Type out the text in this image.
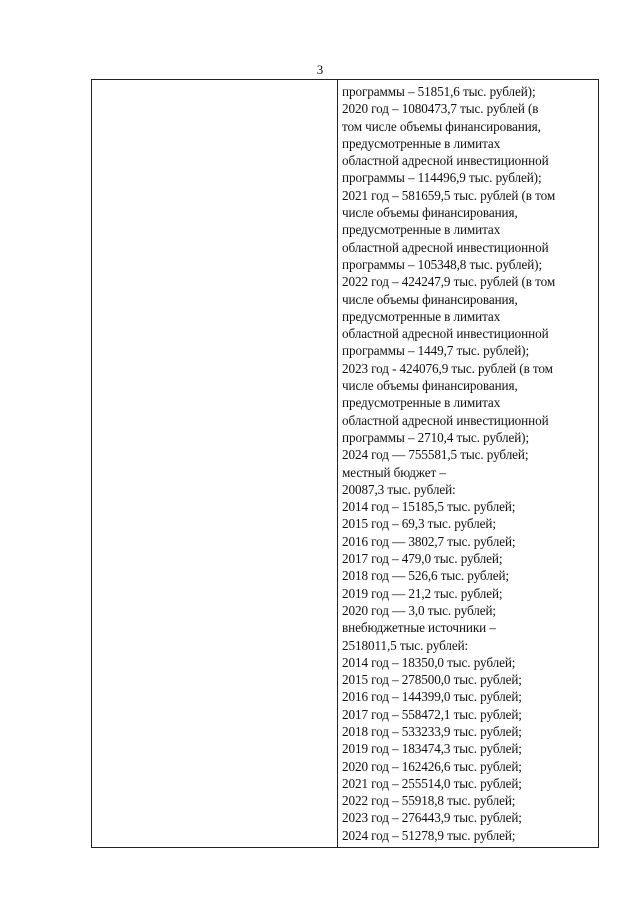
3
программы – 51851,6 тыс. рублей);
2020 год – 1080473,7 тыс. рублей (в
том числе объемы финансирования,
предусмотренные в лимитах
областной адресной инвестиционной
программы – 114496,9 тыс. рублей);
2021 год – 581659,5 тыс. рублей (в том
числе объемы финансирования,
предусмотренные в лимитах
областной адресной инвестиционной
программы – 105348,8 тыс. рублей);
2022 год – 424247,9 тыс. рублей (в том
числе объемы финансирования,
предусмотренные в лимитах
областной адресной инвестиционной
программы – 1449,7 тыс. рублей);
2023 год - 424076,9 тыс. рублей (в том
числе объемы финансирования,
предусмотренные в лимитах
областной адресной инвестиционной
программы – 2710,4 тыс. рублей);
2024 год — 755581,5 тыс. рублей;
местный бюджет –
20087,3 тыс. рублей:
2014 год – 15185,5 тыс. рублей;
2015 год – 69,3 тыс. рублей;
2016 год — 3802,7 тыс. рублей;
2017 год – 479,0 тыс. рублей;
2018 год — 526,6 тыс. рублей;
2019 год — 21,2 тыс. рублей;
2020 год — 3,0 тыс. рублей;
внебюджетные источники –
2518011,5 тыс. рублей:
2014 год – 18350,0 тыс. рублей;
2015 год – 278500,0 тыс. рублей;
2016 год – 144399,0 тыс. рублей;
2017 год – 558472,1 тыс. рублей;
2018 год – 533233,9 тыс. рублей;
2019 год – 183474,3 тыс. рублей;
2020 год – 162426,6 тыс. рублей;
2021 год – 255514,0 тыс. рублей;
2022 год – 55918,8 тыс. рублей;
2023 год – 276443,9 тыс. рублей;
2024 год – 51278,9 тыс. рублей;
